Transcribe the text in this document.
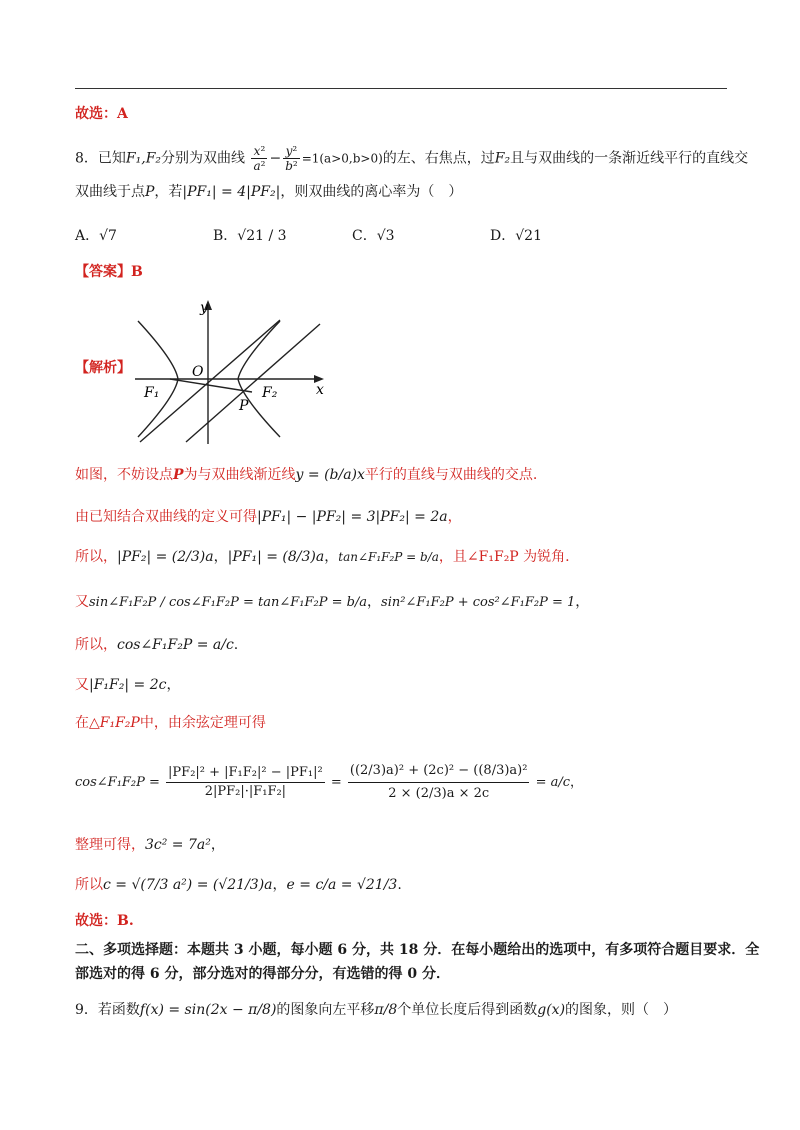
故选：A
8．已知F₁,F₂分别为双曲线 $\frac{\text{x²}}{\text{a²}} - \frac{\text{y²}}{\text{b²}} =1(a>0,b>0)$的左、右焦点，过F₂且与双曲线的一条渐近线平行的直线交
双曲线于点P，若|PF₁| = 4|PF₂|，则双曲线的离心率为（　）
A．√7	B．√21 / 3	C．√3	D．√21
【答案】B
【解析】
y
x
O
F₁	F₂
P
如图，不妨设点P为与双曲线渐近线y = (b/a)x平行的直线与双曲线的交点.
由已知结合双曲线的定义可得|PF₁| − |PF₂| = 3|PF₂| = 2a，
所以，|PF₂| = (2/3)a，|PF₁| = (8/3)a，tan∠F₁F₂P = b/a，且∠F₁F₂P 为锐角.
又sin∠F₁F₂P / cos∠F₁F₂P = tan∠F₁F₂P = b/a，sin²∠F₁F₂P + cos²∠F₁F₂P = 1，
所以，cos∠F₁F₂P = a/c.
又|F₁F₂| = 2c，
在△F₁F₂P中，由余弦定理可得
cos∠F₁F₂P = $\frac{\text{|PF₂|² + |F₁F₂|² − |PF₁|²}}{\text{2|PF₂|·|F₁F₂|}} = \frac{\text{((2/3)a)² + (2c)² − ((8/3)a)²}}{2 \times (2/3)a \times 2c} = a/c$，
整理可得，3c² = 7a²，
所以c = √(7/3 a²) = (√21/3)a，e = c/a = √21/3.
故选：B.
二、多项选择题：本题共 3 小题，每小题 6 分，共 18 分．在每小题给出的选项中，有多项符合题目要求．全
部选对的得 6 分，部分选对的得部分分，有选错的得 0 分．
9．若函数f(x) = sin(2x − π/8)的图象向左平移π/8个单位长度后得到函数g(x)的图象，则（　）
